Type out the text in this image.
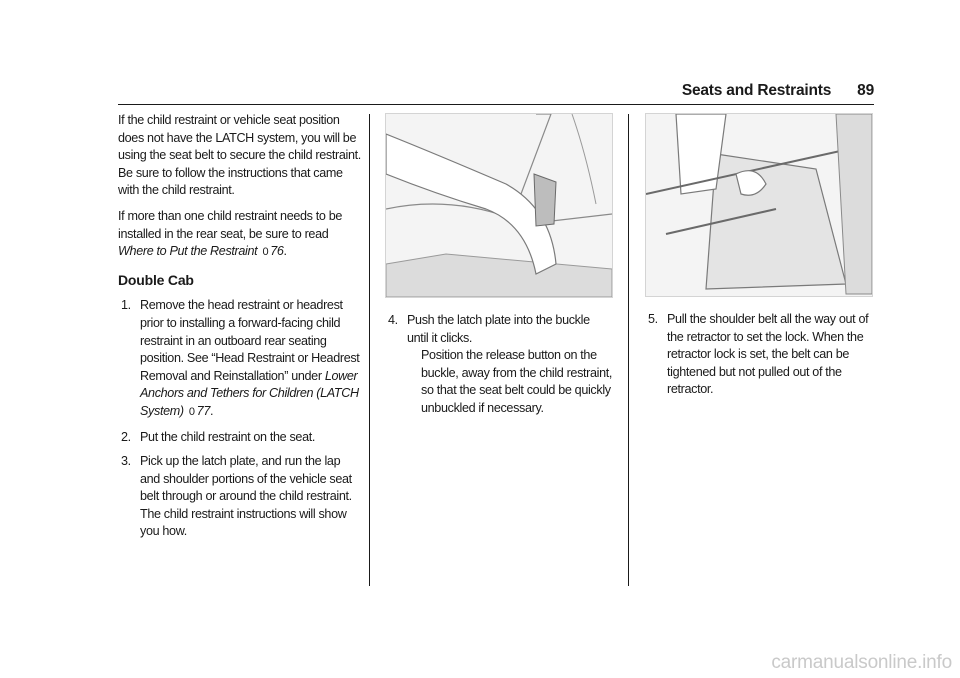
Seats and Restraints 89

If the child restraint or vehicle seat position does not have the LATCH system, you will be using the seat belt to secure the child restraint. Be sure to follow the instructions that came with the child restraint.

If more than one child restraint needs to be installed in the rear seat, be sure to read Where to Put the Restraint 0 76.

Double Cab
1. Remove the head restraint or headrest prior to installing a forward-facing child restraint in an outboard rear seating position. See “Head Restraint or Headrest Removal and Reinstallation” under Lower Anchors and Tethers for Children (LATCH System) 0 77.
2. Put the child restraint on the seat.
3. Pick up the latch plate, and run the lap and shoulder portions of the vehicle seat belt through or around the child restraint. The child restraint instructions will show you how.
4. Push the latch plate into the buckle until it clicks.

Position the release button on the buckle, away from the child restraint, so that the seat belt could be quickly unbuckled if necessary.

5. Pull the shoulder belt all the way out of the retractor to set the lock. When the retractor lock is set, the belt can be tightened but not pulled out of the retractor.
carmanualsonline.info
